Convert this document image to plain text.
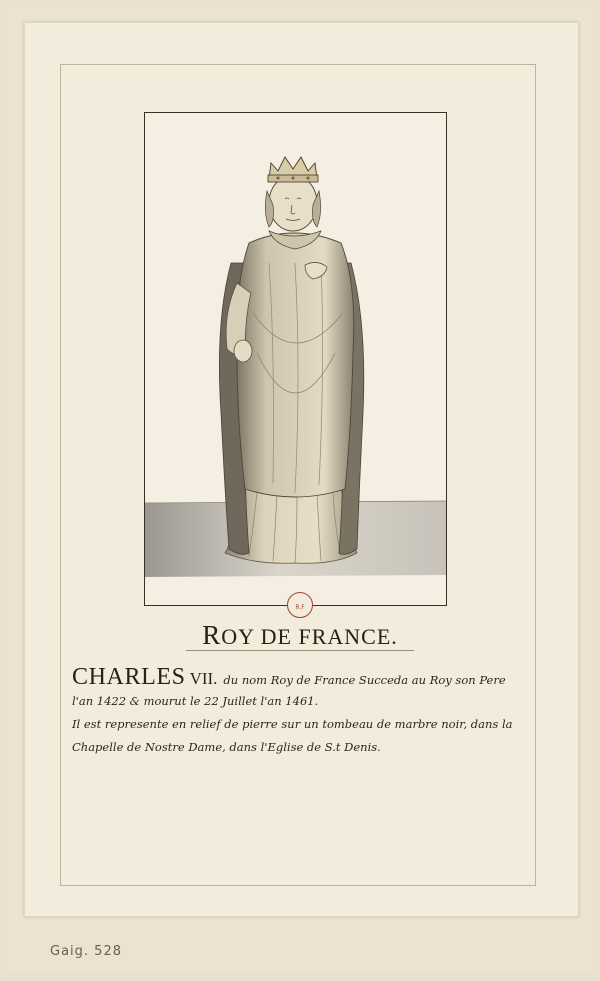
R.F
ROY DE FRANCE.
CHARLES VII. du nom Roy de France Succeda au Roy son Pere
l'an 1422 & mourut le 22 Juillet l'an 1461.
Il est represente en relief de pierre sur un tombeau de marbre noir, dans la
Chapelle de Nostre Dame, dans l'Eglise de S.t Denis.
Gaig. 528
